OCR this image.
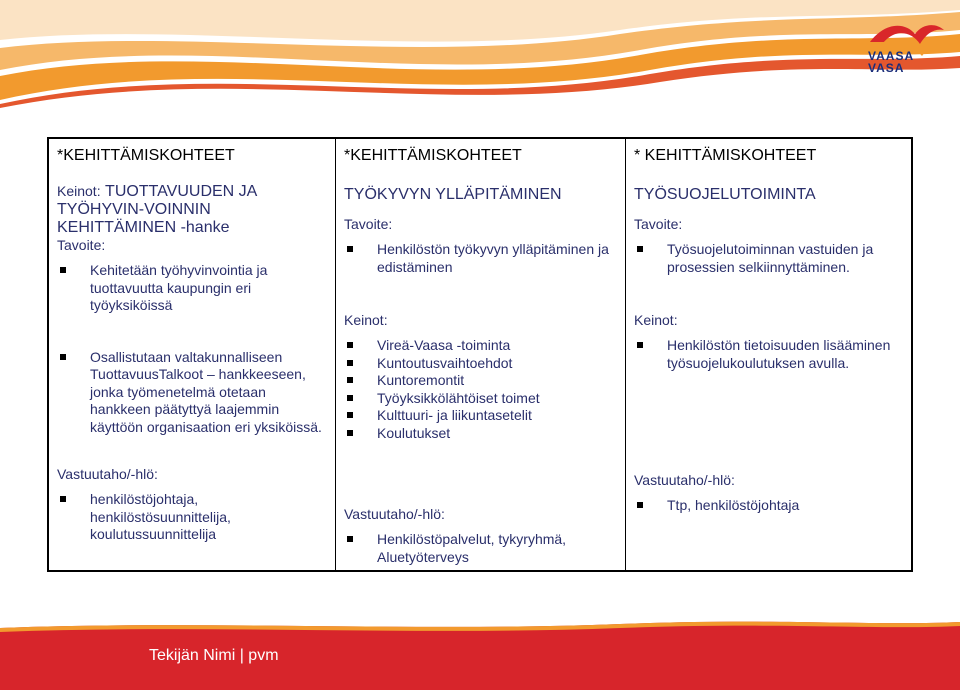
VAASA
VASA
*KEHITTÄMISKOHTEET
Keinot: TUOTTAVUUDEN JA TYÖHYVIN-VOINNIN KEHITTÄMINEN -hanke
Tavoite:
Kehitetään työhyvinvointia ja tuottavuutta kaupungin eri työyksiköissä
Osallistutaan valtakunnalliseen TuottavuusTalkoot – hankkeeseen, jonka työmenetelmä otetaan hankkeen päätyttyä laajemmin käyttöön organisaation eri yksiköissä.
Vastuutaho/-hlö:
henkilöstöjohtaja, henkilöstösuunnittelija, koulutussuunnittelija
*KEHITTÄMISKOHTEET
TYÖKYVYN YLLÄPITÄMINEN
Tavoite:
Henkilöstön työkyvyn ylläpitäminen ja edistäminen
Keinot:
Vireä-Vaasa -toiminta
Kuntoutusvaihtoehdot
Kuntoremontit
Työyksikkölähtöiset toimet
Kulttuuri- ja liikuntasetelit
Koulutukset
Vastuutaho/-hlö:
Henkilöstöpalvelut, tykyryhmä, Aluetyöterveys
* KEHITTÄMISKOHTEET
TYÖSUOJELUTOIMINTA
Tavoite:
Työsuojelutoiminnan vastuiden ja prosessien selkiinnyttäminen.
Keinot:
Henkilöstön tietoisuuden lisääminen työsuojelukoulutuksen avulla.
Vastuutaho/-hlö:
Ttp, henkilöstöjohtaja
Tekijän Nimi | pvm
